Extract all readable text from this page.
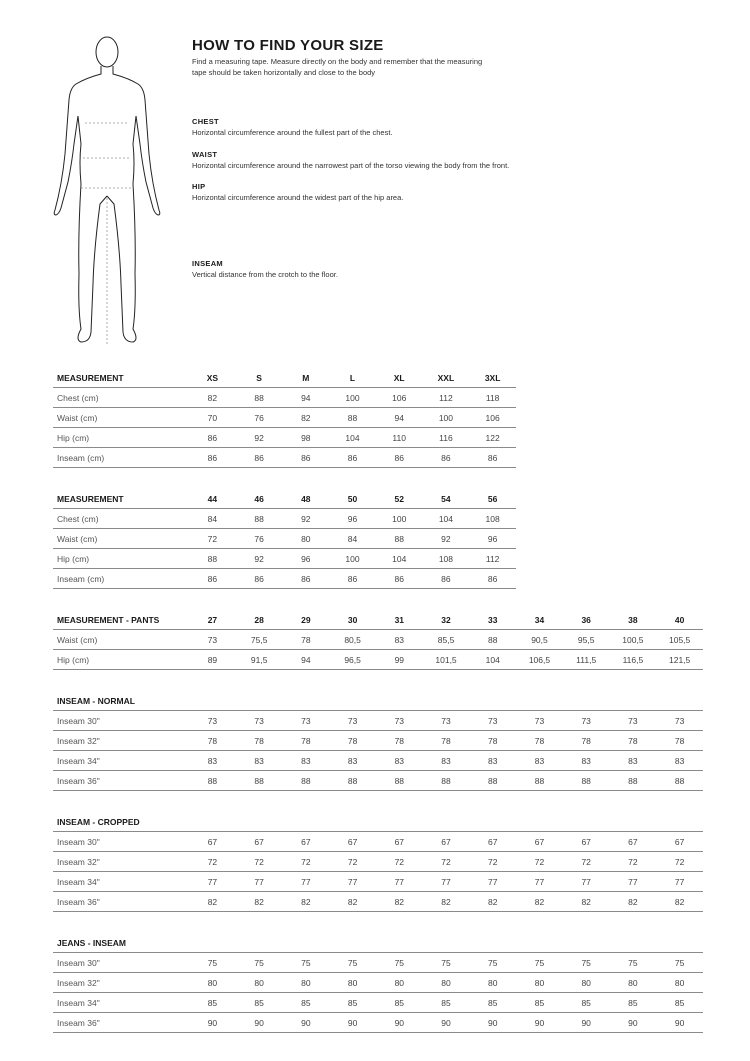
HOW TO FIND YOUR SIZE

Find a measuring tape. Measure directly on the body and remember that the measuring tape should be taken horizontally and close to the body

CHEST
Horizontal circumference around the fullest part of the chest.
WAIST
Horizontal circumference around the narrowest part of the torso viewing the body from the front.
HIP
Horizontal circumference around the widest part of the hip area.
INSEAM
Vertical distance from the crotch to the floor.
MEASUREMENT	XS	S	M	L	XL	XXL	3XL
Chest (cm)	82	88	94	100	106	112	118
Waist (cm)	70	76	82	88	94	100	106
Hip (cm)	86	92	98	104	110	116	122
Inseam (cm)	86	86	86	86	86	86	86
MEASUREMENT	44	46	48	50	52	54	56
Chest (cm)	84	88	92	96	100	104	108
Waist (cm)	72	76	80	84	88	92	96
Hip (cm)	88	92	96	100	104	108	112
Inseam (cm)	86	86	86	86	86	86	86
MEASUREMENT - PANTS	27	28	29	30	31	32	33	34	36	38	40
Waist (cm)	73	75,5	78	80,5	83	85,5	88	90,5	95,5	100,5	105,5
Hip (cm)	89	91,5	94	96,5	99	101,5	104	106,5	111,5	116,5	121,5
INSEAM - NORMAL											
Inseam 30"	73	73	73	73	73	73	73	73	73	73	73
Inseam 32"	78	78	78	78	78	78	78	78	78	78	78
Inseam 34"	83	83	83	83	83	83	83	83	83	83	83
Inseam 36"	88	88	88	88	88	88	88	88	88	88	88
INSEAM - CROPPED											
Inseam 30"	67	67	67	67	67	67	67	67	67	67	67
Inseam 32"	72	72	72	72	72	72	72	72	72	72	72
Inseam 34"	77	77	77	77	77	77	77	77	77	77	77
Inseam 36"	82	82	82	82	82	82	82	82	82	82	82
JEANS - INSEAM											
Inseam 30"	75	75	75	75	75	75	75	75	75	75	75
Inseam 32"	80	80	80	80	80	80	80	80	80	80	80
Inseam 34"	85	85	85	85	85	85	85	85	85	85	85
Inseam 36"	90	90	90	90	90	90	90	90	90	90	90
